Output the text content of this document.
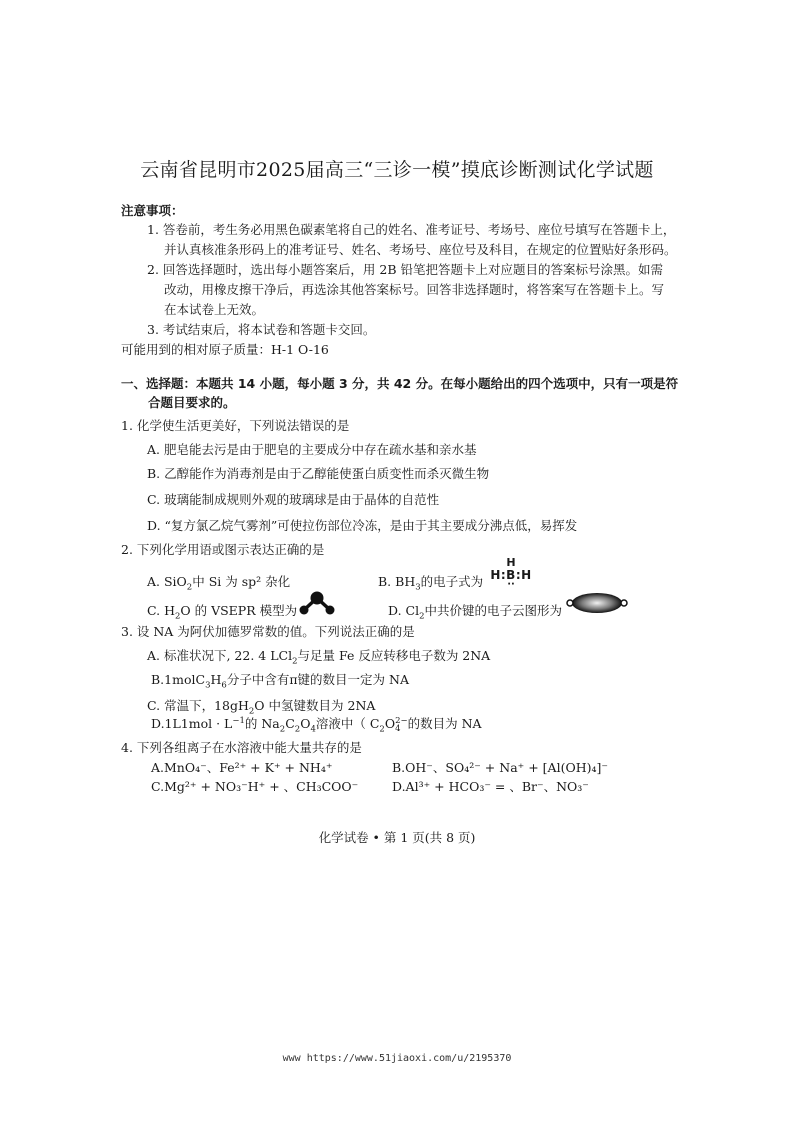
云南省昆明市2025届高三“三诊一模”摸底诊断测试化学试题
注意事项：
1. 答卷前，考生务必用黑色碳素笔将自己的姓名、准考证号、考场号、座位号填写在答题卡上，
并认真核准条形码上的准考证号、姓名、考场号、座位号及科目，在规定的位置贴好条形码。
2. 回答选择题时，选出每小题答案后，用 2B 铅笔把答题卡上对应题目的答案标号涂黑。如需
改动，用橡皮擦干净后，再选涂其他答案标号。回答非选择题时，将答案写在答题卡上。写
在本试卷上无效。
3. 考试结束后，将本试卷和答题卡交回。
可能用到的相对原子质量：H-1 O-16
一、选择题：本题共 14 小题，每小题 3 分，共 42 分。在每小题给出的四个选项中，只有一项是符
合题目要求的。
1. 化学使生活更美好，下列说法错误的是
A. 肥皂能去污是由于肥皂的主要成分中存在疏水基和亲水基
B. 乙醇能作为消毒剂是由于乙醇能使蛋白质变性而杀灭微生物
C. 玻璃能制成规则外观的玻璃球是由于晶体的自范性
D. “复方氯乙烷气雾剂”可使拉伤部位冷冻，是由于其主要成分沸点低，易挥发
2. 下列化学用语或图示表达正确的是
A. SiO$_2$中 Si 为 sp² 杂化	B. $BH_3$的电子式为
H
H:B:H
··
C. $H_2O$ 的 VSEPR 模型为	D. $Cl_2$中共价键的电子云图形为
3. 设 NA 为阿伏加德罗常数的值。下列说法正确的是
A. 标准状况下, 22. 4 LCl$_2$与足量 Fe 反应转移电子数为 2NA
$B.1molC_3H_6$分子中含有π键的数目一定为 NA
C. 常温下，$18gH_2O$ 中氢键数目为 2NA
$D.1L1mol \cdot L^{-1}$的 $Na_2C_2O_4$溶液中（ $C_2O$ 2−
4 的数目为 NA
4. 下列各组离子在水溶液中能大量共存的是
A.MnO₄⁻、Fe²⁺ + K⁺ + NH₄⁺	B.OH⁻、SO₄²⁻ + Na⁺ + [Al(OH)₄]⁻
C.Mg²⁺ + NO₃⁻H⁺ + 、CH₃COO⁻	D.Al³⁺ + HCO₃⁻ = 、Br⁻、NO₃⁻
化学试卷 • 第 1 页(共 8 页)
www https://www.51jiaoxi.com/u/2195370
